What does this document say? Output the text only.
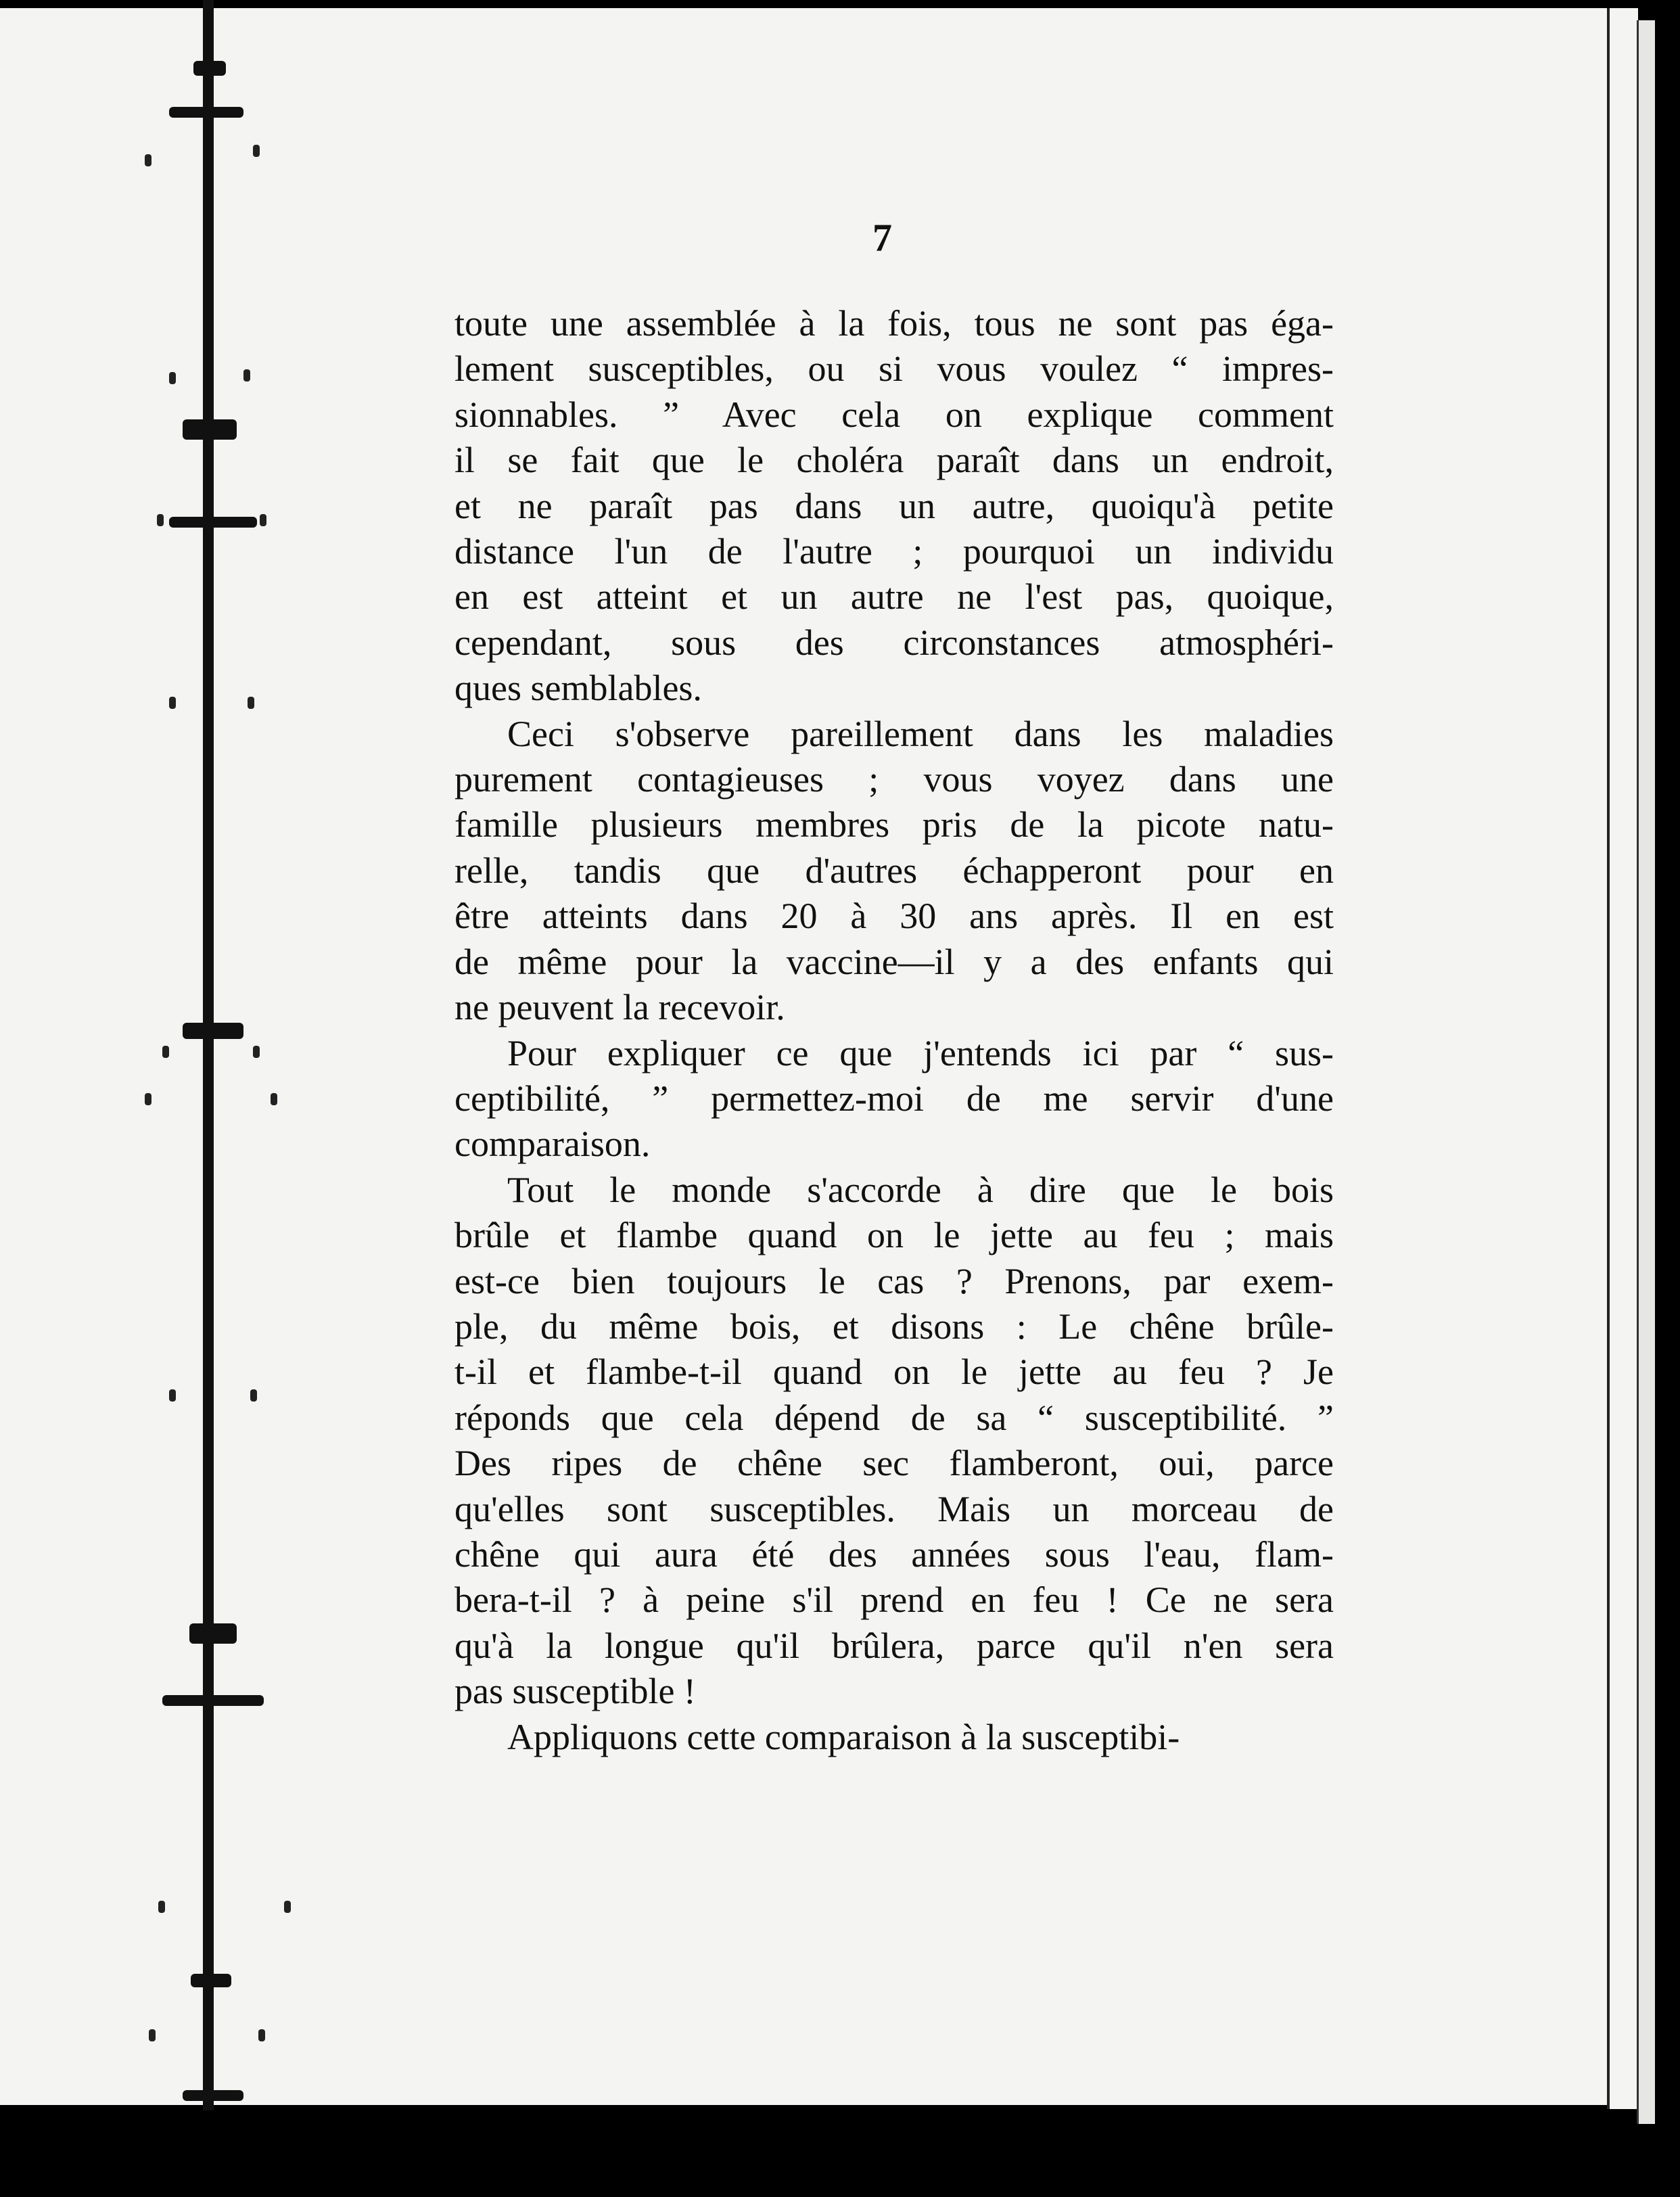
7
toute une assemblée à la fois, tous ne sont pas éga-
lement susceptibles, ou si vous voulez “ impres-
sionnables. ” Avec cela on explique comment
il se fait que le choléra paraît dans un endroit,
et ne paraît pas dans un autre, quoiqu'à petite
distance l'un de l'autre ; pourquoi un individu
en est atteint et un autre ne l'est pas, quoique,
cependant, sous des circonstances atmosphéri-
ques semblables.
Ceci s'observe pareillement dans les maladies
purement contagieuses ; vous voyez dans une
famille plusieurs membres pris de la picote natu-
relle, tandis que d'autres échapperont pour en
être atteints dans 20 à 30 ans après. Il en est
de même pour la vaccine—il y a des enfants qui
ne peuvent la recevoir.
Pour expliquer ce que j'entends ici par “ sus-
ceptibilité, ” permettez-moi de me servir d'une
comparaison.
Tout le monde s'accorde à dire que le bois
brûle et flambe quand on le jette au feu ; mais
est-ce bien toujours le cas ? Prenons, par exem-
ple, du même bois, et disons : Le chêne brûle-
t-il et flambe-t-il quand on le jette au feu ? Je
réponds que cela dépend de sa “ susceptibilité. ”
Des ripes de chêne sec flamberont, oui, parce
qu'elles sont susceptibles. Mais un morceau de
chêne qui aura été des années sous l'eau, flam-
bera-t-il ? à peine s'il prend en feu ! Ce ne sera
qu'à la longue qu'il brûlera, parce qu'il n'en sera
pas susceptible !
Appliquons cette comparaison à la susceptibi-
